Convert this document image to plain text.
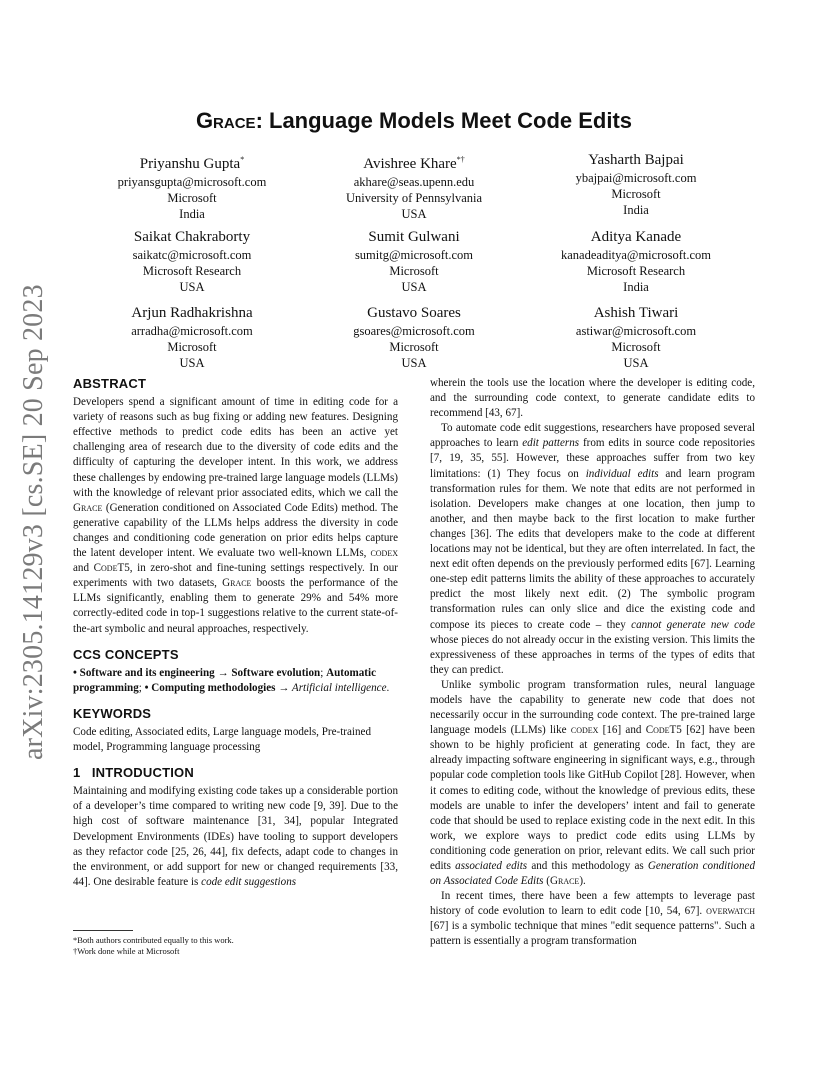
arXiv:2305.14129v3 [cs.SE] 20 Sep 2023
Grace: Language Models Meet Code Edits
Priyanshu Gupta*
priyansgupta@microsoft.com
Microsoft
India
Avishree Khare*†
akhare@seas.upenn.edu
University of Pennsylvania
USA
Yasharth Bajpai
ybajpai@microsoft.com
Microsoft
India
Saikat Chakraborty
saikatc@microsoft.com
Microsoft Research
USA
Sumit Gulwani
sumitg@microsoft.com
Microsoft
USA
Aditya Kanade
kanadeaditya@microsoft.com
Microsoft Research
India
Arjun Radhakrishna
arradha@microsoft.com
Microsoft
USA
Gustavo Soares
gsoares@microsoft.com
Microsoft
USA
Ashish Tiwari
astiwar@microsoft.com
Microsoft
USA
ABSTRACT

Developers spend a significant amount of time in editing code for a variety of reasons such as bug fixing or adding new features. Designing effective methods to predict code edits has been an active yet challenging area of research due to the diversity of code edits and the difficulty of capturing the developer intent. In this work, we address these challenges by endowing pre-trained large language models (LLMs) with the knowledge of relevant prior associated edits, which we call the Grace (Generation conditioned on Associated Code Edits) method. The generative capability of the LLMs helps address the diversity in code changes and conditioning code generation on prior edits helps capture the latent developer intent. We evaluate two well-known LLMs, codex and CodeT5, in zero-shot and fine-tuning settings respectively. In our experiments with two datasets, Grace boosts the performance of the LLMs significantly, enabling them to generate 29% and 54% more correctly-edited code in top-1 suggestions relative to the current state-of-the-art symbolic and neural approaches, respectively.

CCS CONCEPTS

• Software and its engineering → Software evolution; Automatic programming; • Computing methodologies → Artificial intelligence.

KEYWORDS

Code editing, Associated edits, Large language models, Pre-trained model, Programming language processing

1   INTRODUCTION

Maintaining and modifying existing code takes up a considerable portion of a developer’s time compared to writing new code [9, 39]. Due to the high cost of software maintenance [31, 34], popular Integrated Development Environments (IDEs) have tooling to support developers as they refactor code [25, 26, 44], fix defects, adapt code to changes in the environment, or add support for new or changed requirements [33, 44]. One desirable feature is code edit suggestions

wherein the tools use the location where the developer is editing code, and the surrounding code context, to generate candidate edits to recommend [43, 67].

To automate code edit suggestions, researchers have proposed several approaches to learn edit patterns from edits in source code repositories [7, 19, 35, 55]. However, these approaches suffer from two key limitations: (1) They focus on individual edits and learn program transformation rules for them. We note that edits are not performed in isolation. Developers make changes at one location, then jump to another, and then maybe back to the first location to make further changes [36]. The edits that developers make to the code at different locations may not be identical, but they are often interrelated. In fact, the next edit often depends on the previously performed edits [67]. Learning one-step edit patterns limits the ability of these approaches to accurately predict the most likely next edit. (2) The symbolic program transformation rules can only slice and dice the existing code and compose its pieces to create code – they cannot generate new code whose pieces do not already occur in the existing version. This limits the expressiveness of these approaches in terms of the types of edits that they can predict.

Unlike symbolic program transformation rules, neural language models have the capability to generate new code that does not necessarily occur in the surrounding code context. The pre-trained large language models (LLMs) like codex [16] and CodeT5 [62] have been shown to be highly proficient at generating code. In fact, they are already impacting software engineering in significant ways, e.g., through popular code completion tools like GitHub Copilot [28]. However, when it comes to editing code, without the knowledge of previous edits, these models are unable to infer the developers’ intent and fail to generate code that should be used to replace existing code in the next edit. In this work, we explore ways to predict code edits using LLMs by conditioning code generation on prior, relevant edits. We call such prior edits associated edits and this methodology as Generation conditioned on Associated Code Edits (Grace).

In recent times, there have been a few attempts to leverage past history of code evolution to learn to edit code [10, 54, 67]. overwatch [67] is a symbolic technique that mines "edit sequence patterns". Such a pattern is essentially a program transformation

*Both authors contributed equally to this work.
†Work done while at Microsoft
